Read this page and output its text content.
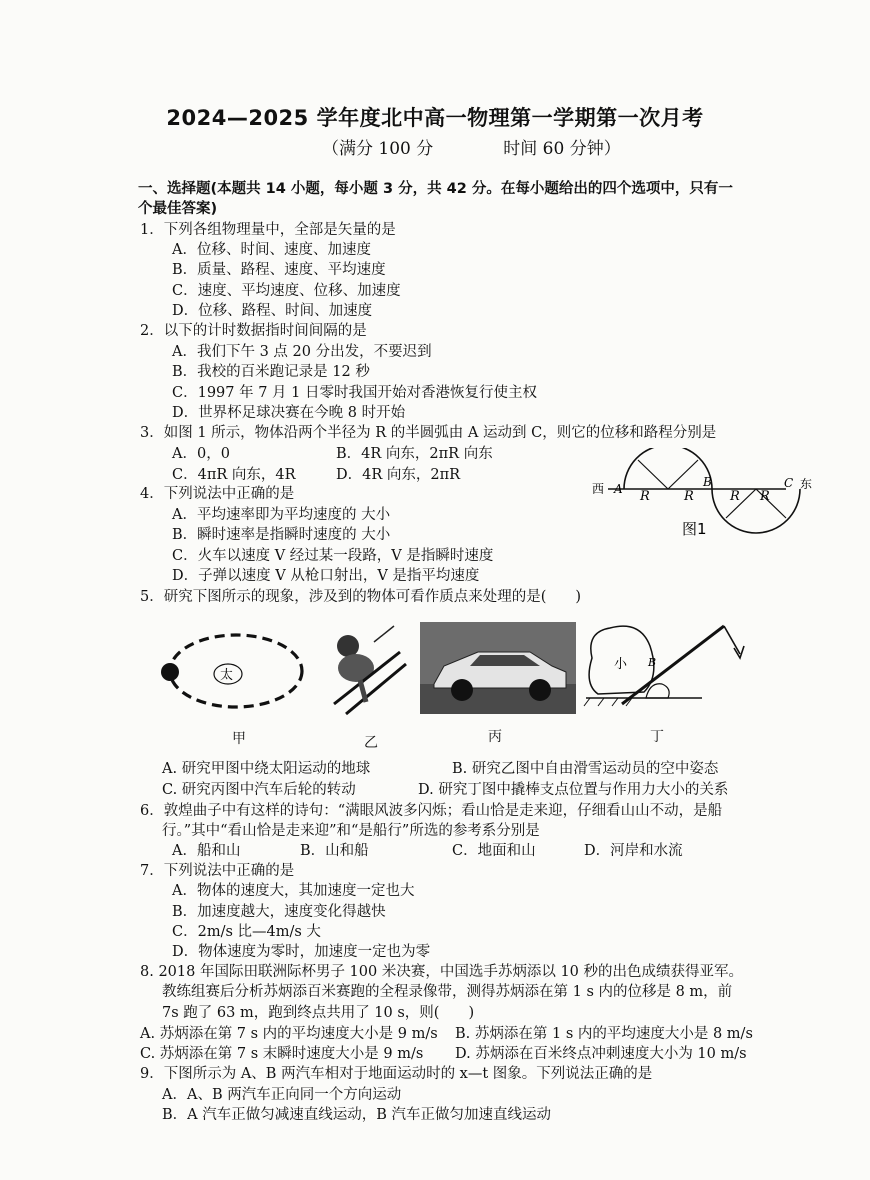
2024—2025 学年度北中高一物理第一学期第一次月考
（满分 100 分	时间 60 分钟）
一、选择题(本题共 14 小题，每小题 3 分，共 42 分。在每小题给出的四个选项中，只有一
个最佳答案)
1．下列各组物理量中，全部是矢量的是
A．位移、时间、速度、加速度
B．质量、路程、速度、平均速度
C．速度、平均速度、位移、加速度
D．位移、路程、时间、加速度
2．以下的计时数据指时间间隔的是
A．我们下午 3 点 20 分出发，不要迟到
B．我校的百米跑记录是 12 秒
C．1997 年 7 月 1 日零时我国开始对香港恢复行使主权
D．世界杯足球决赛在今晚 8 时开始
3．如图 1 所示，物体沿两个半径为 R 的半圆弧由 A 运动到 C，则它的位移和路程分别是
A．0，0	B．4R 向东，2πR 向东
C．4πR 向东，4R	D．4R 向东，2πR
西 A R	R
B
R R
C 东
图1
4．下列说法中正确的是
A．平均速率即为平均速度的 大小
B．瞬时速率是指瞬时速度的 大小
C．火车以速度 V 经过某一段路，V 是指瞬时速度
D．子弹以速度 V 从枪口射出，V 是指平均速度
5．研究下图所示的现象，涉及到的物体可看作质点来处理的是(　　)
太
甲	乙	丙
小 B
丁
A. 研究甲图中绕太阳运动的地球	B. 研究乙图中自由滑雪运动员的空中姿态
C. 研究丙图中汽车后轮的转动	D. 研究丁图中撬棒支点位置与作用力大小的关系
6．敦煌曲子中有这样的诗句：“满眼风波多闪烁；看山恰是走来迎，仔细看山山不动，是船
行。”其中“看山恰是走来迎”和“是船行”所选的参考系分别是
A．船和山	B．山和船	C．地面和山	D．河岸和水流
7．下列说法中正确的是
A．物体的速度大，其加速度一定也大
B．加速度越大，速度变化得越快
C．2m/s 比—4m/s 大
D．物体速度为零时，加速度一定也为零
8. 2018 年国际田联洲际杯男子 100 米决赛，中国选手苏炳添以 10 秒的出色成绩获得亚军。
教练组赛后分析苏炳添百米赛跑的全程录像带，测得苏炳添在第 1 s 内的位移是 8 m，前
7s 跑了 63 m，跑到终点共用了 10 s，则(　　)
A. 苏炳添在第 7 s 内的平均速度大小是 9 m/s B. 苏炳添在第 1 s 内的平均速度大小是 8 m/s
C. 苏炳添在第 7 s 末瞬时速度大小是 9 m/s D. 苏炳添在百米终点冲刺速度大小为 10 m/s
9．下图所示为 A、B 两汽车相对于地面运动时的 x—t 图象。下列说法正确的是
A．A、B 两汽车正向同一个方向运动
B．A 汽车正做匀减速直线运动，B 汽车正做匀加速直线运动
